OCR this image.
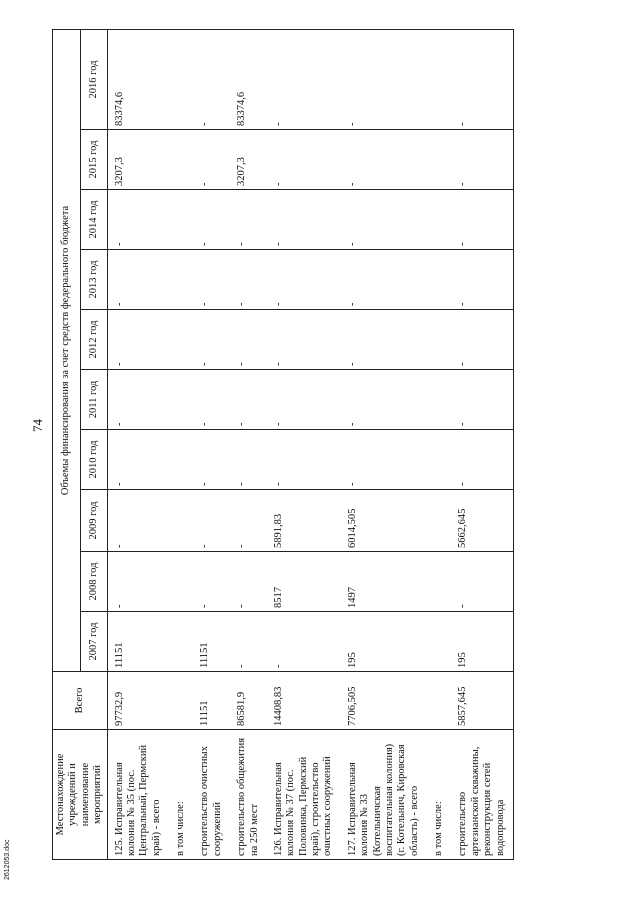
74
2612053.doc
Местонахождение учреждений и наименование мероприятий	Всего	Объемы финансирования за счет средств федерального бюджета									
		2007 год	2008 год	2009 год	2010 год	2011 год	2012 год	2013 год	2014 год	2015 год	2016 год
125. Исправительная колония № 35 (пос. Центральный, Пермский край) - всего	97732,9	11151	-	-	-	-	-	-	-	3207,3	83374,6
в том числе:											
строительство очистных сооружений	11151	11151	-	-	-	-	-	-	-	-	-
строительство общежития на 250 мест	86581,9	-	-	-	-	-	-	-	-	3207,3	83374,6
126. Исправительная колония № 37 (пос. Половинка, Пермский край), строительство очистных сооружений	14408,83	-	8517	5891,83	-	-	-	-	-	-	-
127. Исправительная колония № 33 (Котельничская воспитательная колония) (г. Котельнич, Кировская область) - всего	7706,505	195	1497	6014,505	-	-	-	-	-	-	-
в том числе:											
строительство артезианской скважины, реконструкция сетей водопровода	5857,645	195	-	5662,645	-	-	-	-	-	-	-
